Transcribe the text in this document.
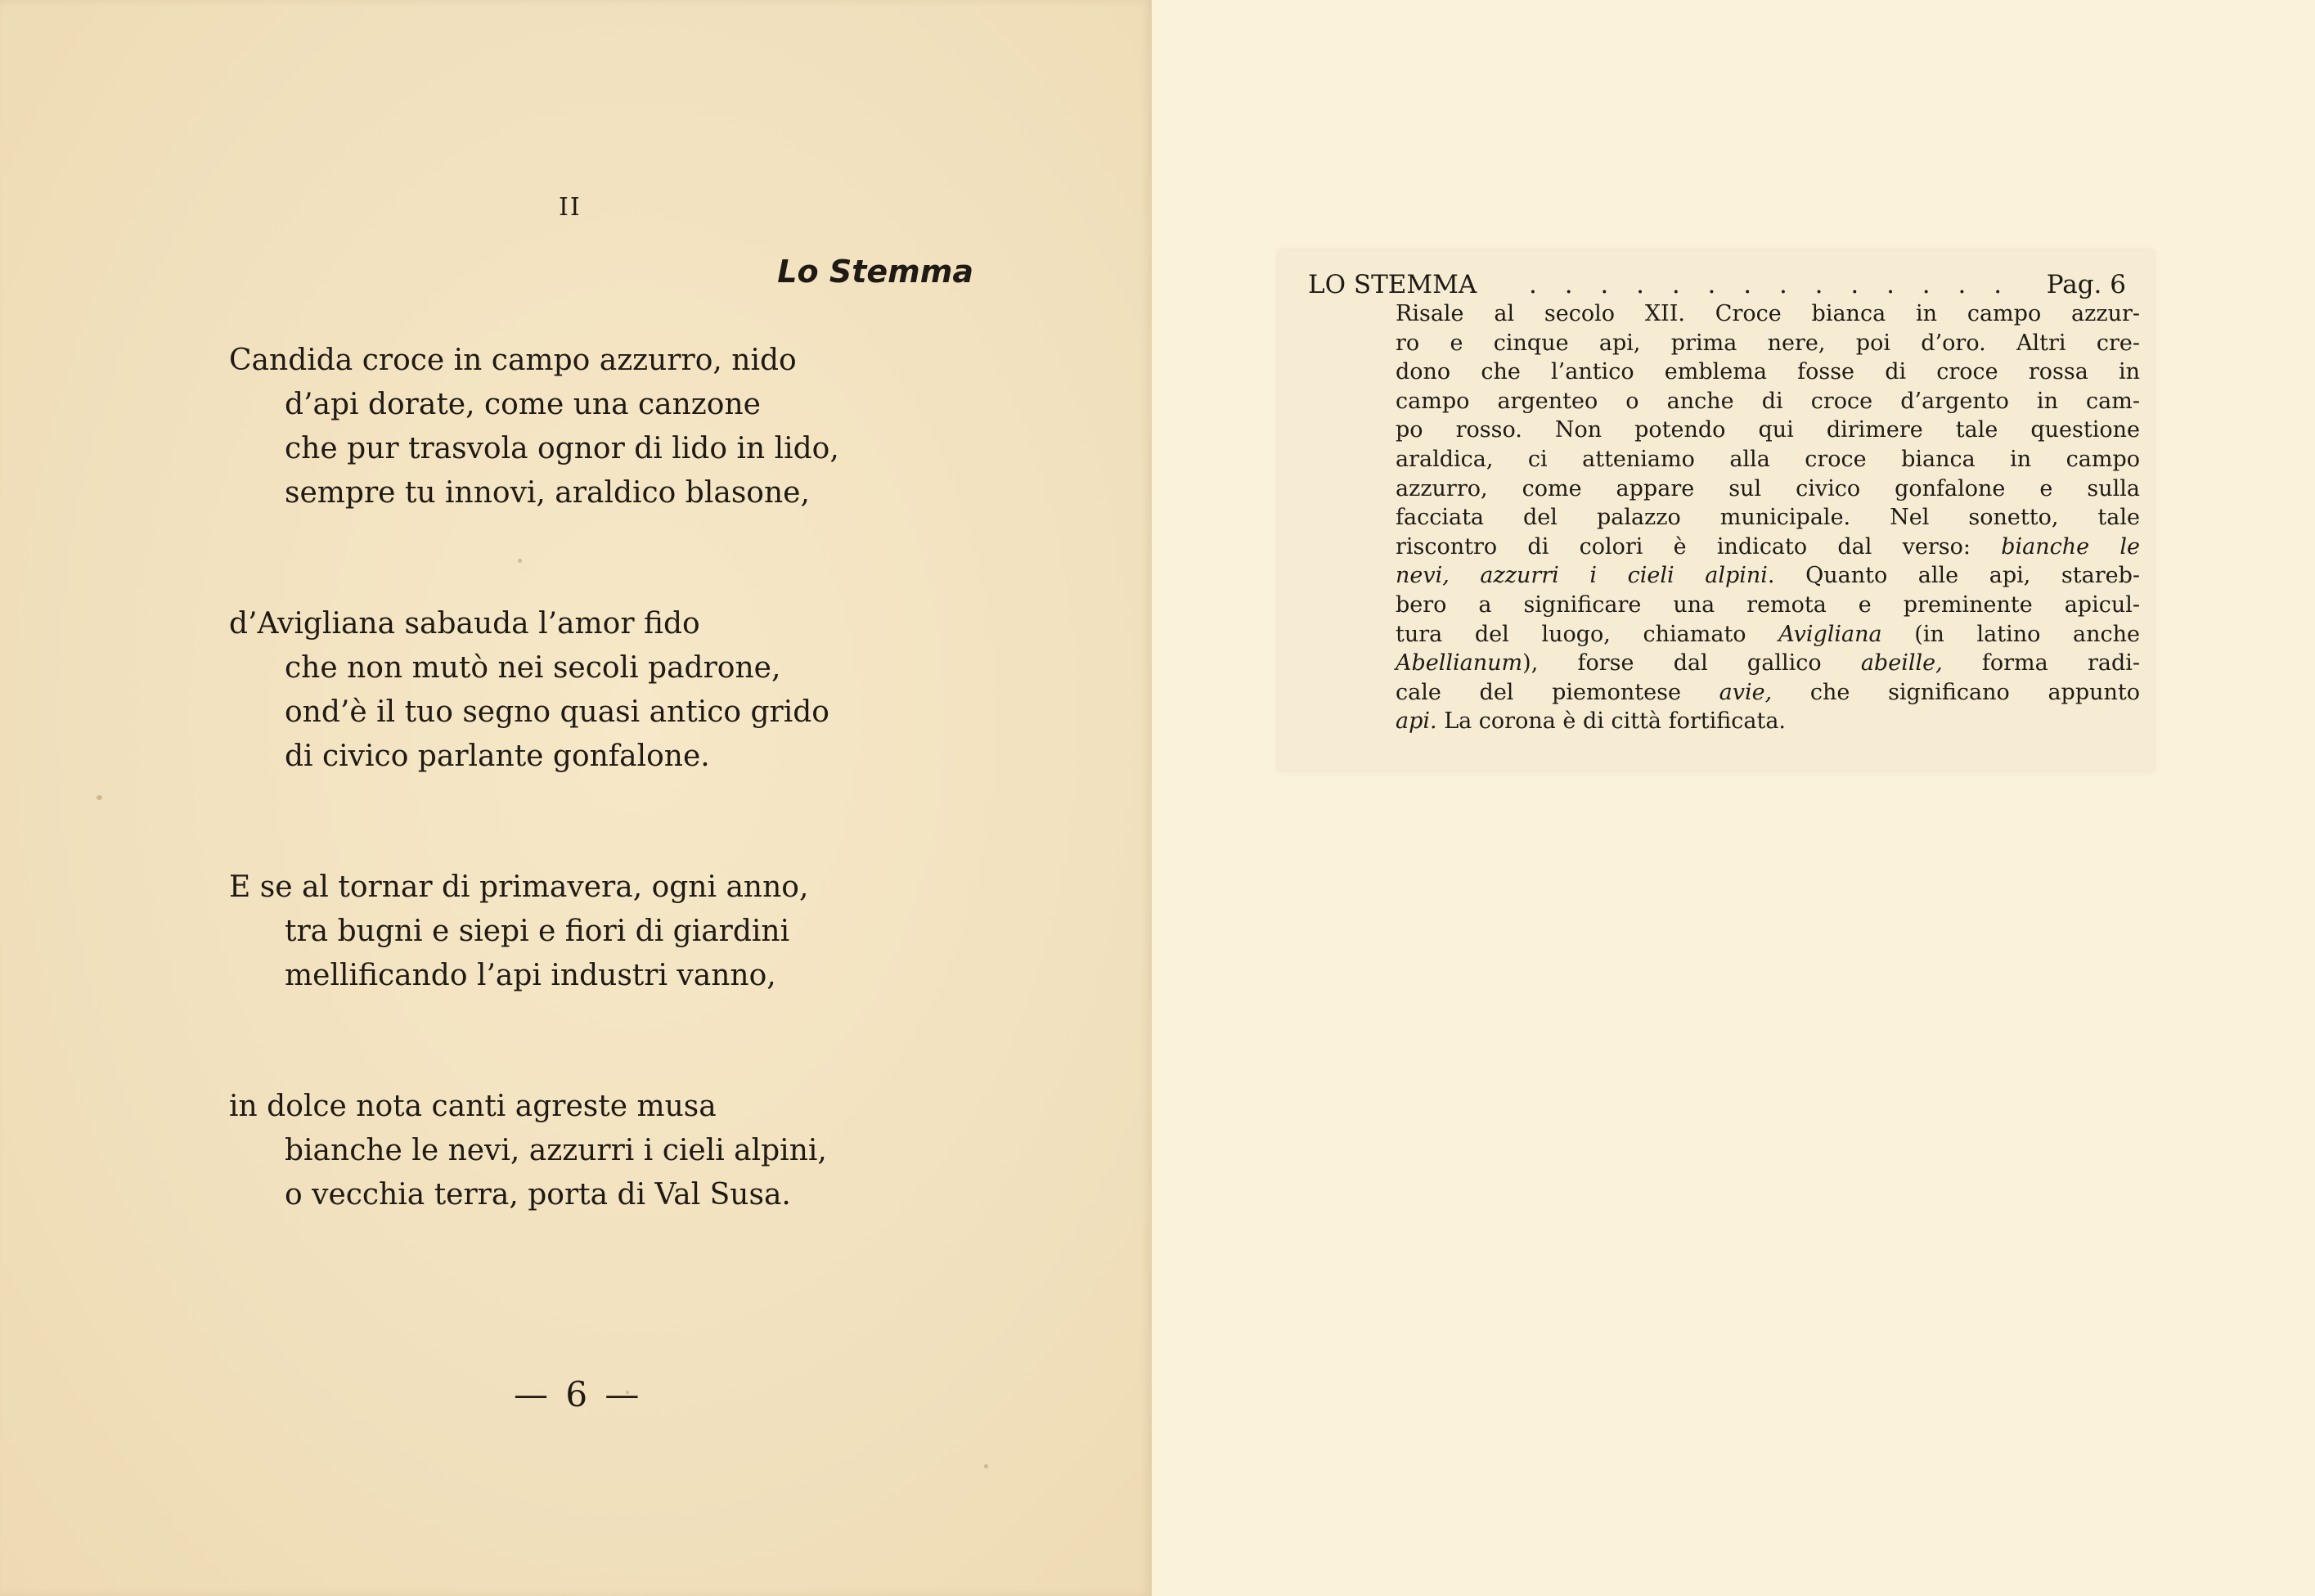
II
Lo Stemma
Candida croce in campo azzurro, nido
d’api dorate, come una canzone
che pur trasvola ognor di lido in lido,
sempre tu innovi, araldico blasone,
d’Avigliana sabauda l’amor fido
che non mutò nei secoli padrone,
ond’è il tuo segno quasi antico grido
di civico parlante gonfalone.
E se al tornar di primavera, ogni anno,
tra bugni e siepi e fiori di giardini
mellificando l’api industri vanno,
in dolce nota canti agreste musa
bianche le nevi, azzurri i cieli alpini,
o vecchia terra, porta di Val Susa.
— 6 —
LO STEMMA . . . . . . . . . . . . . . Pag. 6
Risale al secolo XII. Croce bianca in campo azzur-
ro e cinque api, prima nere, poi d’oro. Altri cre-
dono che l’antico emblema fosse di croce rossa in
campo argenteo o anche di croce d’argento in cam-
po rosso. Non potendo qui dirimere tale questione
araldica, ci atteniamo alla croce bianca in campo
azzurro, come appare sul civico gonfalone e sulla
facciata del palazzo municipale. Nel sonetto, tale
riscontro di colori è indicato dal verso: bianche le
nevi, azzurri i cieli alpini. Quanto alle api, stareb-
bero a significare una remota e preminente apicul-
tura del luogo, chiamato Avigliana (in latino anche
Abellianum), forse dal gallico abeille, forma radi-
cale del piemontese avie, che significano appunto
api. La corona è di città fortificata.
